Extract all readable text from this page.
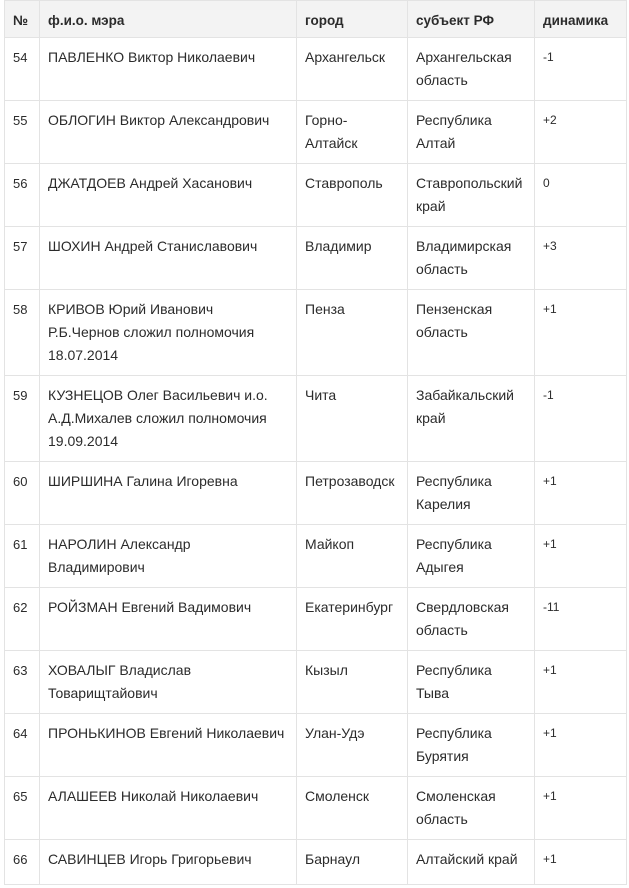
№	ф.и.о. мэра	город	субъект РФ	динамика
54	ПАВЛЕНКО Виктор Николаевич	Архангельск	Архангельская область	-1
55	ОБЛОГИН Виктор Александрович	Горно-Алтайск	Республика Алтай	+2
56	ДЖАТДОЕВ Андрей Хасанович	Ставрополь	Ставропольский край	0
57	ШОХИН Андрей Станиславович	Владимир	Владимирская область	+3
58	КРИВОВ Юрий Иванович Р.Б.Чернов сложил полномочия 18.07.2014	Пенза	Пензенская область	+1
59	КУЗНЕЦОВ Олег Васильевич и.о. А.Д.Михалев сложил полномочия 19.09.2014	Чита	Забайкальский край	-1
60	ШИРШИНА Галина Игоревна	Петрозаводск	Республика Карелия	+1
61	НАРОЛИН Александр Владимирович	Майкоп	Республика Адыгея	+1
62	РОЙЗМАН Евгений Вадимович	Екатеринбург	Свердловская область	-11
63	ХОВАЛЫГ Владислав Товарищтайович	Кызыл	Республика Тыва	+1
64	ПРОНЬКИНОВ Евгений Николаевич	Улан-Удэ	Республика Бурятия	+1
65	АЛАШЕЕВ Николай Николаевич	Смоленск	Смоленская область	+1
66	САВИНЦЕВ Игорь Григорьевич	Барнаул	Алтайский край	+1
